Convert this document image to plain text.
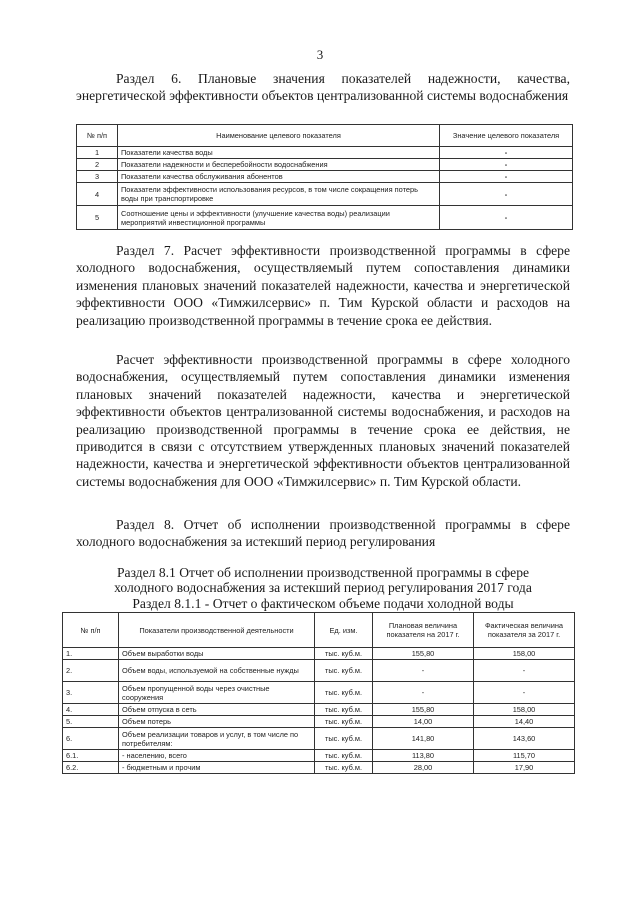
3

Раздел 6. Плановые значения показателей надежности, качества, энергетической эффективности объектов централизованной системы водоснабжения

№ п/п	Наименование целевого показателя	Значение целевого показателя
1	Показатели качества воды	-
2	Показатели надежности и бесперебойности водоснабжения	-
3	Показатели качества обслуживания абонентов	-
4	Показатели эффективности использования ресурсов, в том числе сокращения потерь воды при транспортировке	-
5	Соотношение цены и эффективности (улучшение качества воды) реализации мероприятий инвестиционной программы	-

Раздел 7. Расчет эффективности производственной программы в сфере холодного водоснабжения, осуществляемый путем сопоставления динамики изменения плановых значений показателей надежности, качества и энергетической эффективности ООО «Тимжилсервис» п. Тим Курской области и расходов на реализацию производственной программы в течение срока ее действия.

Расчет эффективности производственной программы в сфере холодного водоснабжения, осуществляемый путем сопоставления динамики изменения плановых значений показателей надежности, качества и энергетической эффективности объектов централизованной системы водоснабжения, и расходов на реализацию производственной программы в течение срока ее действия, не приводится в связи с отсутствием утвержденных плановых значений показателей надежности, качества и энергетической эффективности объектов централизованной системы водоснабжения для ООО «Тимжилсервис» п. Тим Курской области.

Раздел 8. Отчет об исполнении производственной программы в сфере холодного водоснабжения за истекший период регулирования

Раздел 8.1 Отчет об исполнении производственной программы в сфере
холодного водоснабжения за истекший период регулирования 2017 года
Раздел 8.1.1 - Отчет о фактическом объеме подачи холодной воды
№ п/п	Показатели производственной деятельности	Ед. изм.	Плановая величина показателя на 2017 г.	Фактическая величина показателя за 2017 г.
1.	Объем выработки воды	тыс. куб.м.	155,80	158,00
2.	Объем воды, используемой на собственные нужды	тыс. куб.м.	-	-
3.	Объем пропущенной воды через очистные сооружения	тыс. куб.м.	-	-
4.	Объем отпуска в сеть	тыс. куб.м.	155,80	158,00
5.	Объем потерь	тыс. куб.м.	14,00	14,40
6.	Объем реализации товаров и услуг, в том числе по потребителям:	тыс. куб.м.	141,80	143,60
6.1.	- населению, всего	тыс. куб.м.	113,80	115,70
6.2.	- бюджетным и прочим	тыс. куб.м.	28,00	17,90
